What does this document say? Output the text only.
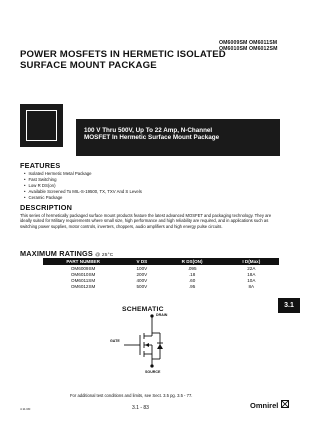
OM6009SM OM6011SM
OM6010SM OM6012SM
POWER MOSFETS IN HERMETIC ISOLATED
SURFACE MOUNT PACKAGE
100 V Thru 500V, Up To 22 Amp, N-Channel
MOSFET In Hermetic Surface Mount Package
FEATURES
• Isolated Hermetic Metal Package
• Fast Switching
• Low R DS(on)
• Available Screened To MIL-S-19500, TX, TXV And S Levels
• Ceramic Package
DESCRIPTION
This series of hermetically packaged surface mount products feature the latest advanced MOSFET and packaging technology. They are ideally suited for Military requirements where small size, high performance and high reliability are required, and in applications such as switching power supplies, motor controls, inverters, choppers, audio amplifiers and high energy pulse circuits.
MAXIMUM RATINGS @ 25°C
PART NUMBER	V DS	R DS(ON)	I D(Max)
OM6009SM	100V	.095	22A
OM6010SM	200V	.18	18A
OM6011SM	400V	.60	10A
OM6012SM	500V	.95	8A
3.1
SCHEMATIC
DRAIN
GATE
SOURCE
For additional test conditions and limits, see Sect. 3.5 pg. 3.5 - 77.
4 11 R0	3.1 - 83	Omnirel
